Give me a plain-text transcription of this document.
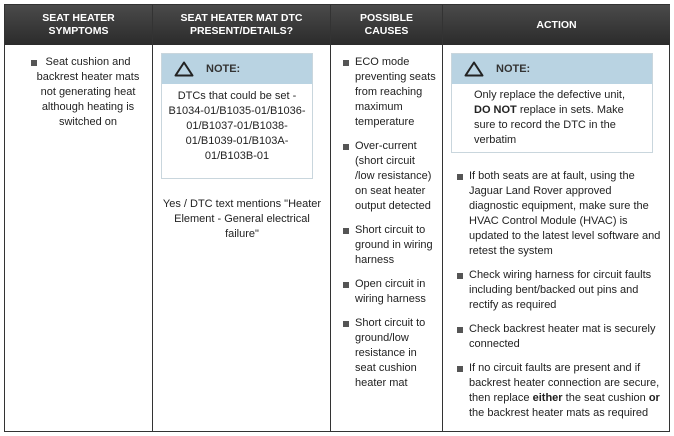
SEAT HEATER SYMPTOMS
SEAT HEATER MAT DTC PRESENT/DETAILS?
POSSIBLE CAUSES
ACTION
Seat cushion and backrest heater mats not generating heat although heating is switched on
NOTE:
DTCs that could be set - B1034-01/B1035-01/B1036-01/B1037-01/B1038-01/B1039-01/B103A-01/B103B-01
Yes / DTC text mentions "Heater Element - General electrical failure"
ECO mode preventing seats from reaching maximum temperature
Over-current (short circuit /low resistance) on seat heater output detected
Short circuit to ground in wiring harness
Open circuit in wiring harness
Short circuit to ground/low resistance in seat cushion heater mat
NOTE:
Only replace the defective unit,
DO NOT replace in sets. Make sure to record the DTC in the verbatim
If both seats are at fault, using the Jaguar Land Rover approved diagnostic equipment, make sure the HVAC Control Module (HVAC) is updated to the latest level software and retest the system
Check wiring harness for circuit faults including bent/backed out pins and rectify as required
Check backrest heater mat is securely connected
If no circuit faults are present and if backrest heater connection are secure, then replace either the seat cushion or the backrest heater mats as required
